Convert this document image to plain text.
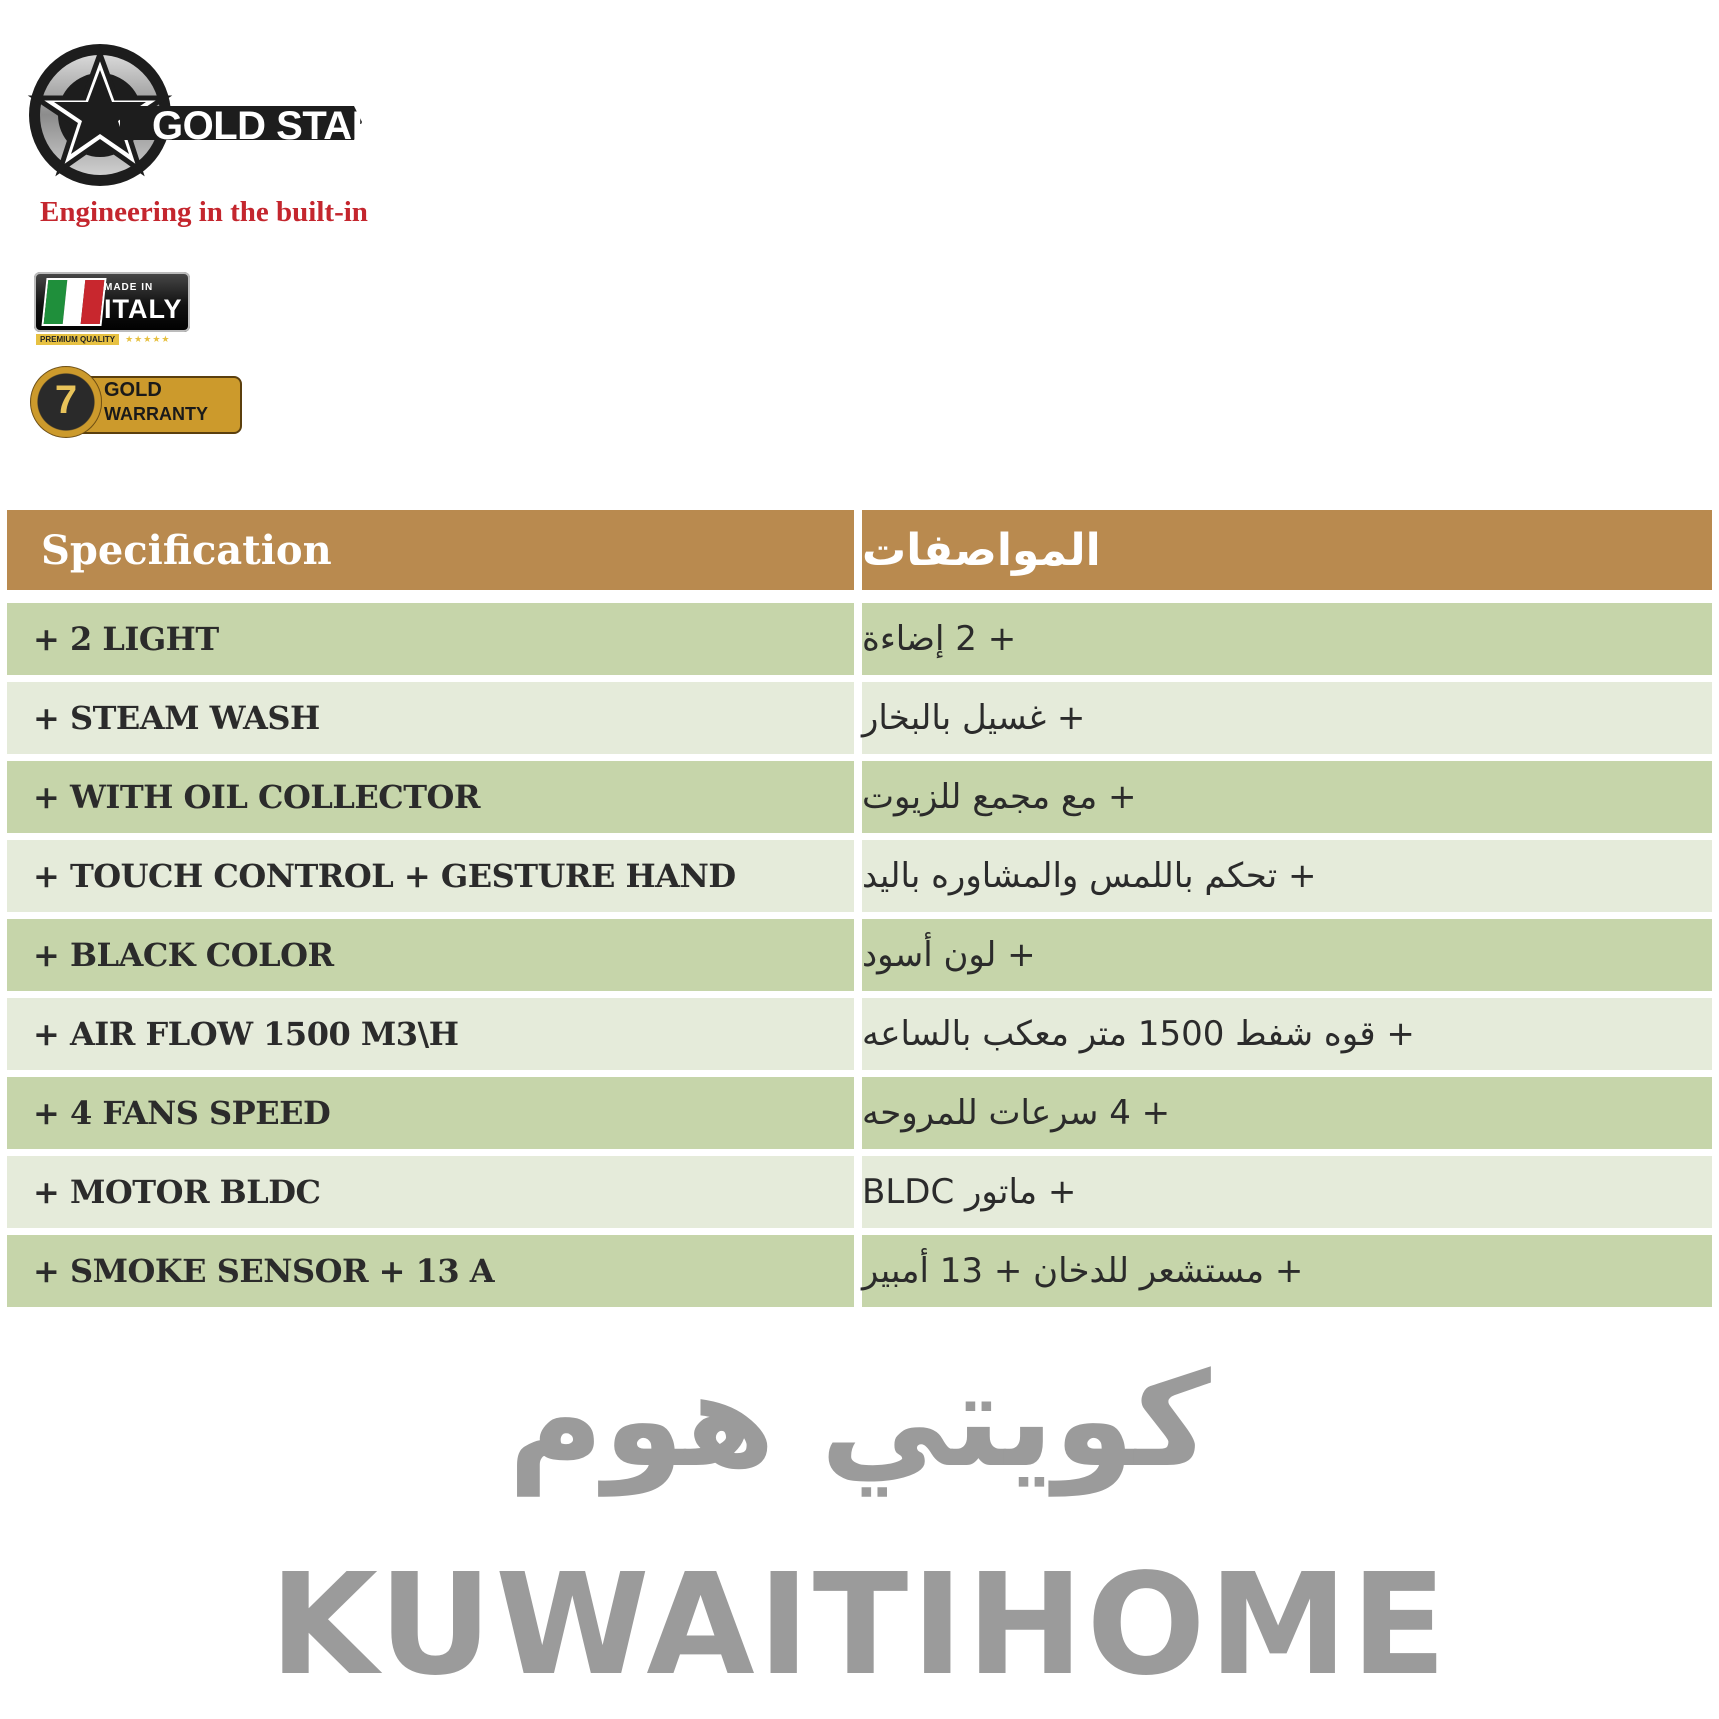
GOLD STAR
Engineering in the built-in
MADE IN
ITALY
PREMIUM QUALITY	★★★★★
7	GOLD
WARRANTY
Specification	المواصفات
+ 2 LIGHT	+ 2 إضاءة
+ STEAM WASH	+ غسيل بالبخار
+ WITH OIL COLLECTOR	+ مع مجمع للزيوت
+ TOUCH CONTROL + GESTURE HAND	+ تحكم باللمس والمشاوره باليد
+ BLACK COLOR	+ لون أسود
+ AIR FLOW 1500 M3\H	+ قوه شفط 1500 متر معكب بالساعه
+ 4 FANS SPEED	+ 4 سرعات للمروحه
+ MOTOR BLDC	+ ماتور BLDC
+ SMOKE SENSOR + 13 A	+ مستشعر للدخان + 13 أمبير
كويتي هوم
KUWAITIHOME
